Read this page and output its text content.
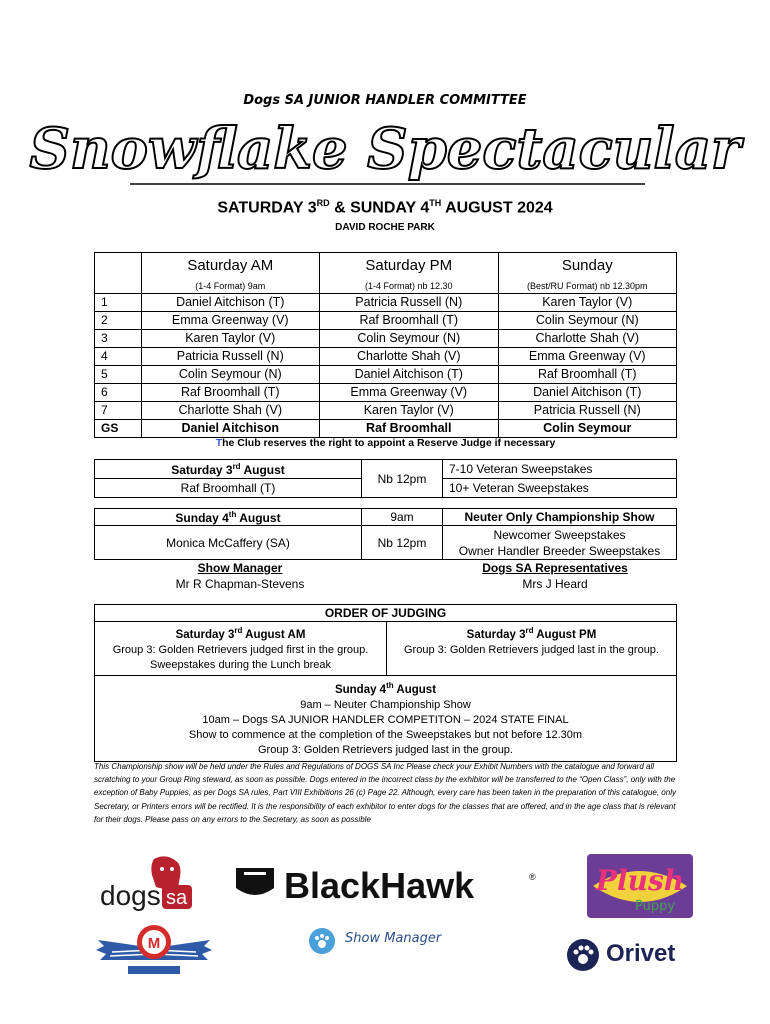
Dogs SA JUNIOR HANDLER COMMITTEE
Snowflake Spectacular
SATURDAY 3RD & SUNDAY 4TH AUGUST 2024
DAVID ROCHE PARK
	Saturday AM	Saturday PM	Sunday
	(1-4 Format) 9am	(1-4 Format) nb 12.30	(Best/RU Format) nb 12.30pm
1	Daniel Aitchison (T)	Patricia Russell (N)	Karen Taylor (V)
2	Emma Greenway (V)	Raf Broomhall (T)	Colin Seymour (N)
3	Karen Taylor (V)	Colin Seymour (N)	Charlotte Shah (V)
4	Patricia Russell (N)	Charlotte Shah (V)	Emma Greenway (V)
5	Colin Seymour (N)	Daniel Aitchison (T)	Raf Broomhall (T)
6	Raf Broomhall (T)	Emma Greenway (V)	Daniel Aitchison (T)
7	Charlotte Shah (V)	Karen Taylor (V)	Patricia Russell (N)
GS	Daniel Aitchison	Raf Broomhall	Colin Seymour
The Club reserves the right to appoint a Reserve Judge if necessary
Saturday 3rd August	Nb 12pm	7-10 Veteran Sweepstakes
Raf Broomhall (T)		10+ Veteran Sweepstakes
Sunday 4th August	9am	Neuter Only Championship Show
Monica McCaffery (SA)	Nb 12pm	Newcomer Sweepstakes
Owner Handler Breeder Sweepstakes
Show Manager
Mr R Chapman-Stevens
Dogs SA Representatives
Mrs J Heard
ORDER OF JUDGING

Saturday 3rd August AM
Group 3: Golden Retrievers judged first in the group.
Sweepstakes during the Lunch break

Saturday 3rd August PM
Group 3: Golden Retrievers judged last in the group.

Sunday 4th August
9am – Neuter Championship Show
10am – Dogs SA JUNIOR HANDLER COMPETITON – 2024 STATE FINAL
Show to commence at the completion of the Sweepstakes but not before 12.30m
Group 3: Golden Retrievers judged last in the group.
This Championship show will be held under the Rules and Regulations of DOGS SA Inc Please check your Exhibit Numbers with the catalogue and forward all scratching to your Group Ring steward, as soon as possible. Dogs entered in the incorrect class by the exhibitor will be transferred to the “Open Class”, only with the exception of Baby Puppies, as per Dogs SA rules, Part VIII Exhibitions 26 (c) Page 22. Although, every care has been taken in the preparation of this catalogue, only Secretary, or Printers errors will be rectified. It is the responsibility of each exhibitor to enter dogs for the classes that are offered, and in the age class that is relevant for their dogs. Please pass on any errors to the Secretary, as soon as possible
dogs sa	BlackHawk	® Plush
Puppy
M	Show Manager
Orivet
